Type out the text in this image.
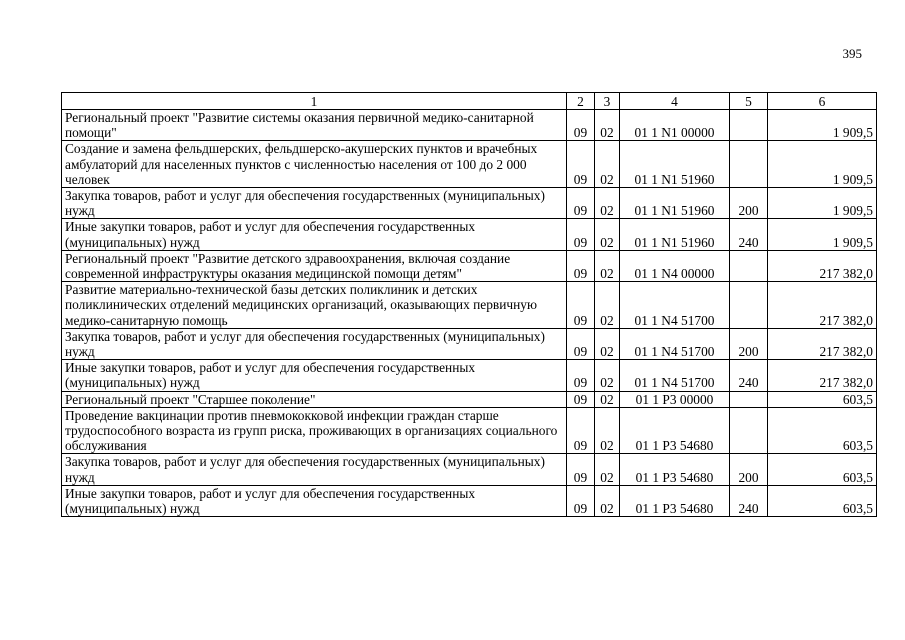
395
1	2	3	4	5	6
Региональный проект "Развитие системы оказания первичной медико-санитарной помощи"	09	02	01 1 N1 00000		1 909,5
Создание и замена фельдшерских, фельдшерско-акушерских пунктов и врачебных амбулаторий для населенных пунктов с численностью населения от 100 до 2 000 человек	09	02	01 1 N1 51960		1 909,5
Закупка товаров, работ и услуг для обеспечения государственных (муниципальных) нужд	09	02	01 1 N1 51960	200	1 909,5
Иные закупки товаров, работ и услуг для обеспечения государственных (муниципальных) нужд	09	02	01 1 N1 51960	240	1 909,5
Региональный проект "Развитие детского здравоохранения, включая создание современной инфраструктуры оказания медицинской помощи детям"	09	02	01 1 N4 00000		217 382,0
Развитие материально-технической базы детских поликлиник и детских поликлинических отделений медицинских организаций, оказывающих первичную медико-санитарную помощь	09	02	01 1 N4 51700		217 382,0
Закупка товаров, работ и услуг для обеспечения государственных (муниципальных) нужд	09	02	01 1 N4 51700	200	217 382,0
Иные закупки товаров, работ и услуг для обеспечения государственных (муниципальных) нужд	09	02	01 1 N4 51700	240	217 382,0
Региональный проект "Старшее поколение"	09	02	01 1 P3 00000		603,5
Проведение вакцинации против пневмококковой инфекции граждан старше трудоспособного возраста из групп риска, проживающих в организациях социального обслуживания	09	02	01 1 P3 54680		603,5
Закупка товаров, работ и услуг для обеспечения государственных (муниципальных) нужд	09	02	01 1 P3 54680	200	603,5
Иные закупки товаров, работ и услуг для обеспечения государственных (муниципальных) нужд	09	02	01 1 P3 54680	240	603,5
